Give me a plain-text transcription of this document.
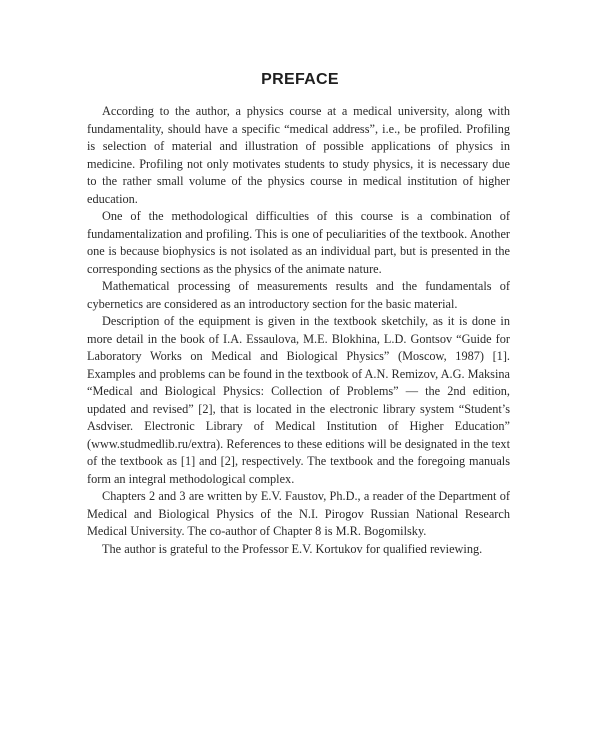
PREFACE

According to the author, a physics course at a medical university, along with fundamentality, should have a specific “medical address”, i.e., be profiled. Profiling is selection of material and illustration of possible applications of physics in medicine. Profiling not only motivates students to study physics, it is necessary due to the rather small volume of the physics course in medical institution of higher education.

One of the methodological difficulties of this course is a combination of fundamentalization and profiling. This is one of peculiarities of the textbook. Another one is because biophysics is not isolated as an individual part, but is presented in the corresponding sections as the physics of the animate nature.

Mathematical processing of measurements results and the fundamentals of cybernetics are considered as an introductory section for the basic material.

Description of the equipment is given in the textbook sketchily, as it is done in more detail in the book of I.A. Essaulova, M.E. Blokhina, L.D. Gontsov “Guide for Laboratory Works on Medical and Biological Physics” (Moscow, 1987) [1]. Examples and problems can be found in the textbook of A.N. Remizov, A.G. Maksina “Medical and Biological Physics: Collection of Problems” — the 2nd edition, updated and revised” [2], that is located in the electronic library system “Student’s Asdviser. Electronic Library of Medical Institution of Higher Education” (www.studmedlib.ru/extra). References to these editions will be designated in the text of the textbook as [1] and [2], respectively. The textbook and the foregoing manuals form an integral methodological complex.

Chapters 2 and 3 are written by E.V. Faustov, Ph.D., a reader of the Department of Medical and Biological Physics of the N.I. Pirogov Russian National Research Medical University. The co-author of Chapter 8 is M.R. Bogomilsky.

The author is grateful to the Professor E.V. Kortukov for qualified reviewing.
